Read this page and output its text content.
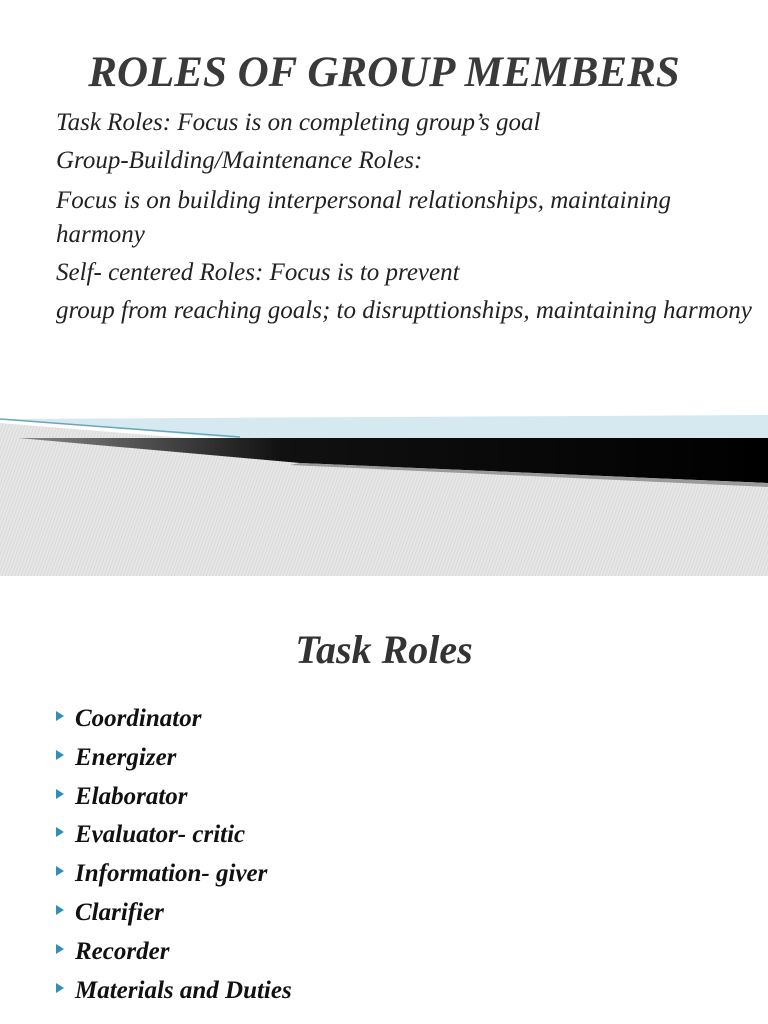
ROLES OF GROUP MEMBERS
Task Roles: Focus is on completing group’s goal
Group-Building/Maintenance Roles:
Focus is on building interpersonal relationships, maintaining harmony
Self- centered Roles: Focus is to prevent
group from reaching goals; to disrupttionships, maintaining harmony
Task Roles
Coordinator
Energizer
Elaborator
Evaluator- critic
Information- giver
Clarifier
Recorder
Materials and Duties
